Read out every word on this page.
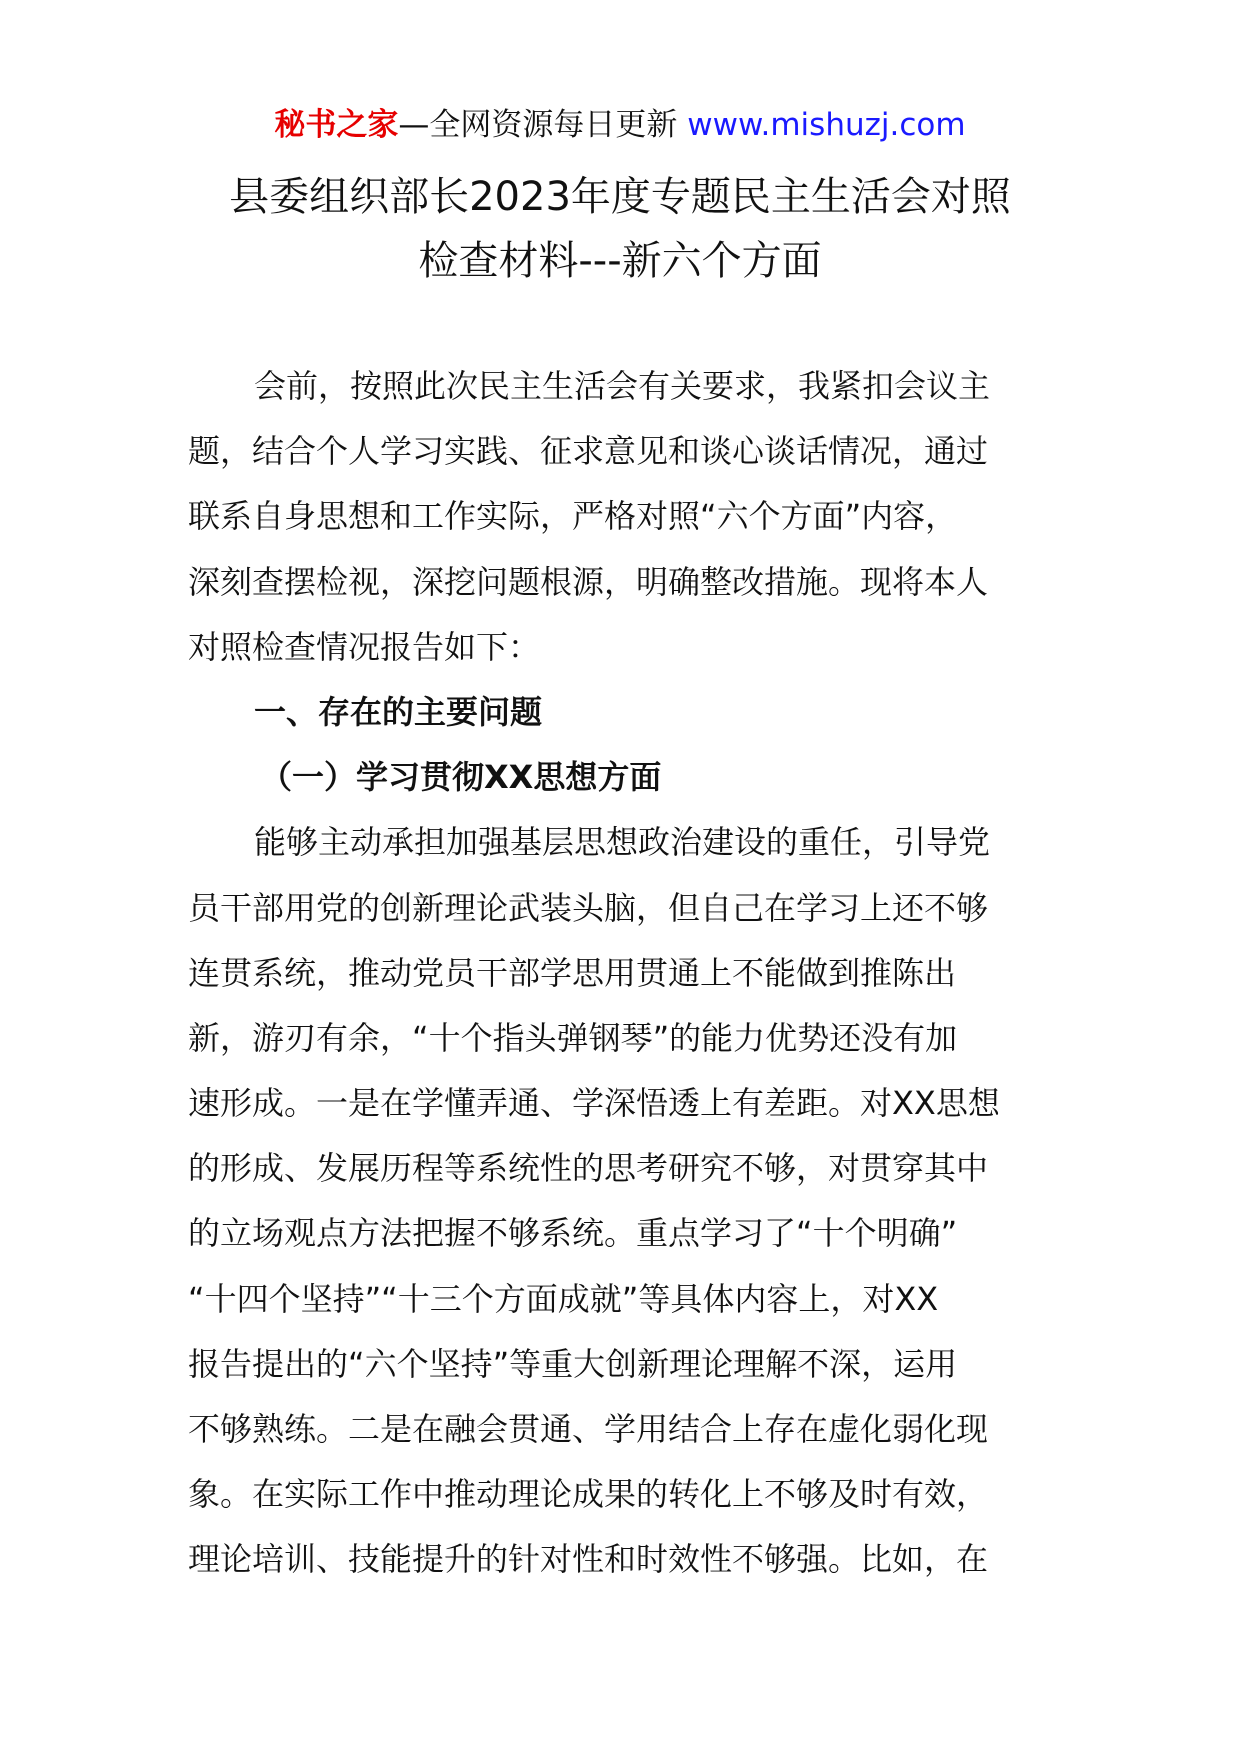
秘书之家—全网资源每日更新 www.mishuzj.com
县委组织部长2023年度专题民主生活会对照
检查材料---新六个方面
会前，按照此次民主生活会有关要求，我紧扣会议主
题，结合个人学习实践、征求意见和谈心谈话情况，通过
联系自身思想和工作实际，严格对照“六个方面”内容，
深刻查摆检视，深挖问题根源，明确整改措施。现将本人
对照检查情况报告如下：
一、存在的主要问题
（一）学习贯彻XX思想方面
能够主动承担加强基层思想政治建设的重任，引导党
员干部用党的创新理论武装头脑，但自己在学习上还不够
连贯系统，推动党员干部学思用贯通上不能做到推陈出
新，游刃有余，“十个指头弹钢琴”的能力优势还没有加
速形成。一是在学懂弄通、学深悟透上有差距。对XX思想
的形成、发展历程等系统性的思考研究不够，对贯穿其中
的立场观点方法把握不够系统。重点学习了“十个明确”
“十四个坚持”“十三个方面成就”等具体内容上，对XX
报告提出的“六个坚持”等重大创新理论理解不深，运用
不够熟练。二是在融会贯通、学用结合上存在虚化弱化现
象。在实际工作中推动理论成果的转化上不够及时有效，
理论培训、技能提升的针对性和时效性不够强。比如，在
